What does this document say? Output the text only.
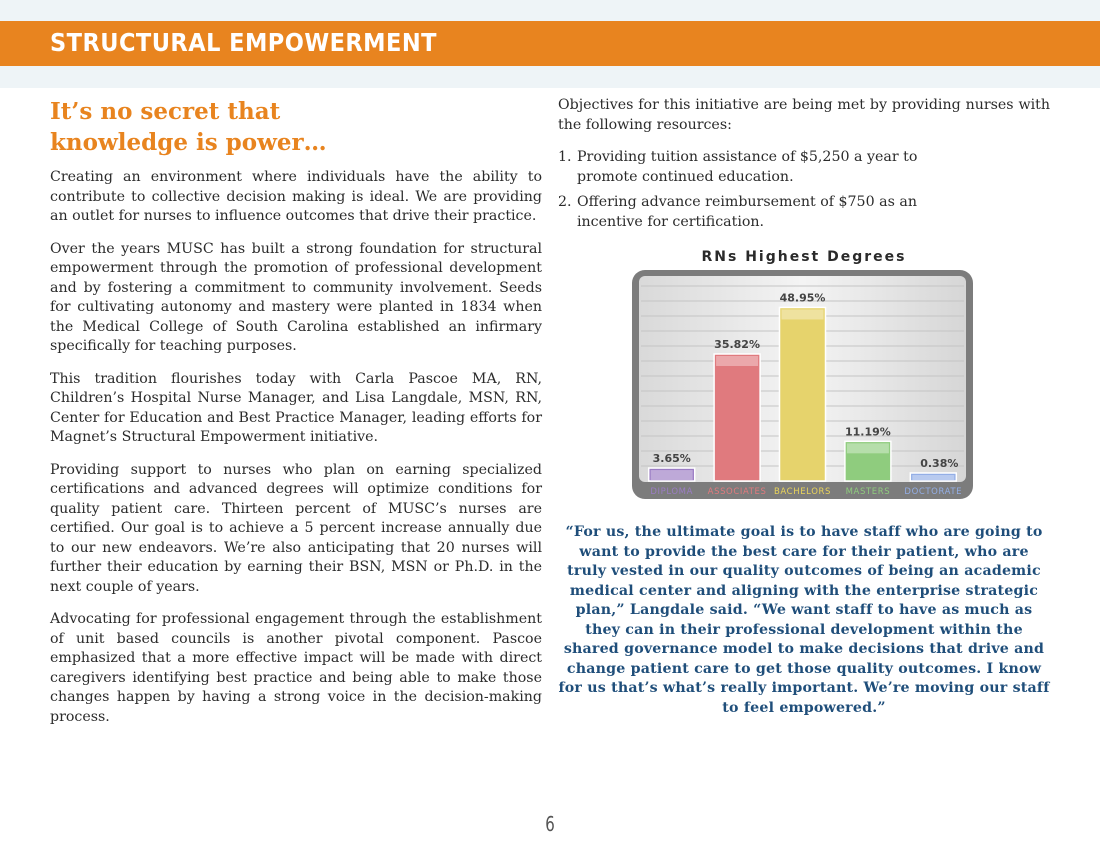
STRUCTURAL EMPOWERMENT
It’s no secret that
knowledge is power…

Creating an environment where individuals have the ability to contribute to collective decision making is ideal. We are providing an outlet for nurses to influence outcomes that drive their practice.

Over the years MUSC has built a strong foundation for structural empowerment through the promotion of professional development and by fostering a commitment to community involvement. Seeds for cultivating autonomy and mastery were planted in 1834 when the Medical College of South Carolina established an infirmary specifically for teaching purposes.

This tradition flourishes today with Carla Pascoe MA, RN, Children’s Hospital Nurse Manager, and Lisa Langdale, MSN, RN, Center for Education and Best Practice Manager, leading efforts for Magnet’s Structural Empowerment initiative.

Providing support to nurses who plan on earning specialized certifications and advanced degrees will optimize conditions for quality patient care. Thirteen percent of MUSC’s nurses are certified. Our goal is to achieve a 5 percent increase annually due to our new endeavors. We’re also anticipating that 20 nurses will further their education by earning their BSN, MSN or Ph.D. in the next couple of years.

Advocating for professional engagement through the establishment of unit based councils is another pivotal component. Pascoe emphasized that a more effective impact will be made with direct caregivers identifying best practice and being able to make those changes happen by having a strong voice in the decision-making process.

Objectives for this initiative are being met by providing nurses with the following resources:

1. Providing tuition assistance of $5,250 a year to promote continued education.
2. Offering advance reimbursement of $750 as an incentive for certification.
RNs Highest Degrees
3.65%
DIPLOMA
35.82%
ASSOCIATES
48.95%
BACHELORS
11.19%
MASTERS
0.38%
DOCTORATE
“For us, the ultimate goal is to have staff who are going to want to provide the best care for their patient, who are truly vested in our quality outcomes of being an academic medical center and aligning with the enterprise strategic plan,” Langdale said. “We want staff to have as much as they can in their professional development within the shared governance model to make decisions that drive and change patient care to get those quality outcomes. I know for us that’s what’s really important. We’re moving our staff to feel empowered.”
6
